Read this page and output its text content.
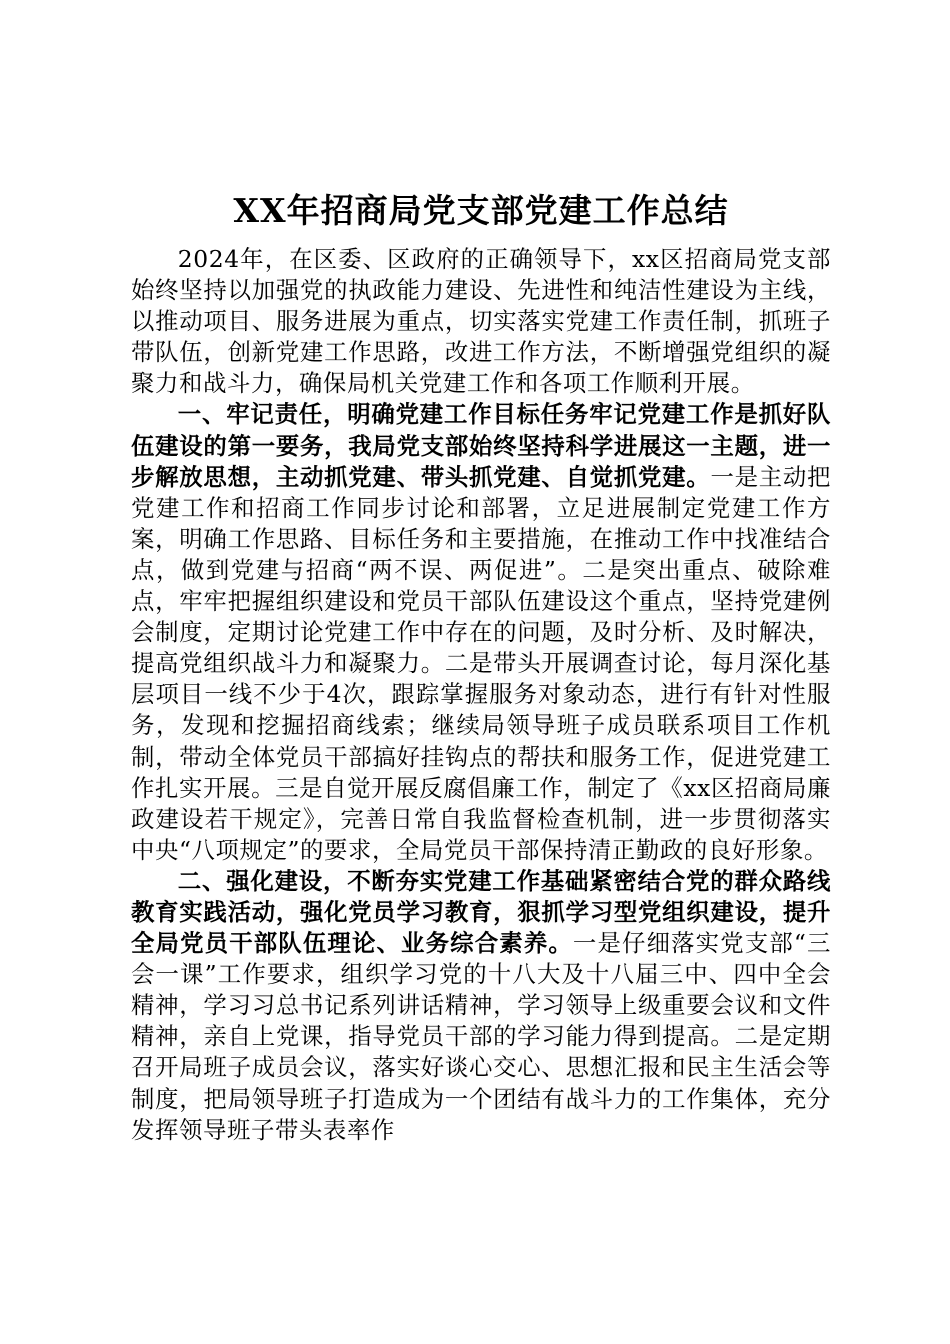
XX年招商局党支部党建工作总结

2024年，在区委、区政府的正确领导下，xx区招商局党支部始终坚持以加强党的执政能力建设、先进性和纯洁性建设为主线，以推动项目、服务进展为重点，切实落实党建工作责任制，抓班子带队伍，创新党建工作思路，改进工作方法，不断增强党组织的凝聚力和战斗力，确保局机关党建工作和各项工作顺利开展。

一、牢记责任，明确党建工作目标任务牢记党建工作是抓好队伍建设的第一要务，我局党支部始终坚持科学进展这一主题，进一步解放思想，主动抓党建、带头抓党建、自觉抓党建。一是主动把党建工作和招商工作同步讨论和部署，立足进展制定党建工作方案，明确工作思路、目标任务和主要措施，在推动工作中找准结合点，做到党建与招商“两不误、两促进”。二是突出重点、破除难点，牢牢把握组织建设和党员干部队伍建设这个重点，坚持党建例会制度，定期讨论党建工作中存在的问题，及时分析、及时解决，提高党组织战斗力和凝聚力。二是带头开展调查讨论，每月深化基层项目一线不少于4次，跟踪掌握服务对象动态，进行有针对性服务，发现和挖掘招商线索；继续局领导班子成员联系项目工作机制，带动全体党员干部搞好挂钩点的帮扶和服务工作，促进党建工作扎实开展。三是自觉开展反腐倡廉工作，制定了《xx区招商局廉政建设若干规定》，完善日常自我监督检查机制，进一步贯彻落实中央“八项规定”的要求，全局党员干部保持清正勤政的良好形象。

二、强化建设，不断夯实党建工作基础紧密结合党的群众路线教育实践活动，强化党员学习教育，狠抓学习型党组织建设，提升全局党员干部队伍理论、业务综合素养。一是仔细落实党支部“三会一课”工作要求，组织学习党的十八大及十八届三中、四中全会精神，学习习总书记系列讲话精神，学习领导上级重要会议和文件精神，亲自上党课，指导党员干部的学习能力得到提高。二是定期召开局班子成员会议，落实好谈心交心、思想汇报和民主生活会等制度，把局领导班子打造成为一个团结有战斗力的工作集体，充分发挥领导班子带头表率作
